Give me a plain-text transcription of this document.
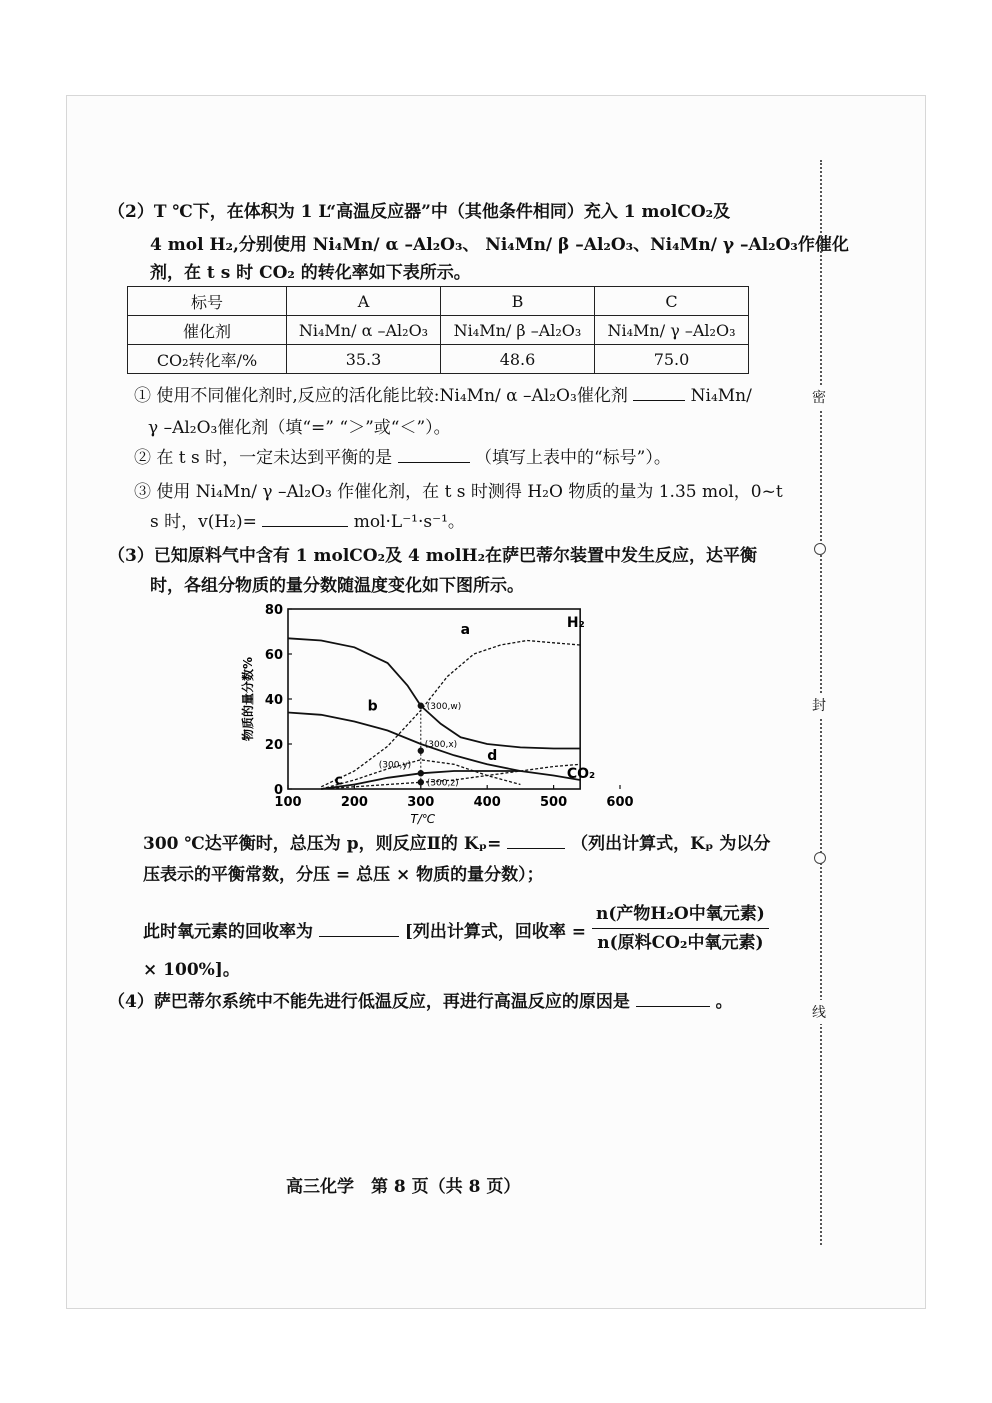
（2）T ℃下，在体积为 1 L“高温反应器”中（其他条件相同）充入 1 molCO₂及
4 mol H₂,分别使用 Ni₄Mn/ α –Al₂O₃、 Ni₄Mn/ β –Al₂O₃、Ni₄Mn/ γ –Al₂O₃作催化
剂，在 t s 时 CO₂ 的转化率如下表所示。
标号	A	B	C
催化剂	Ni₄Mn/ α –Al₂O₃	Ni₄Mn/ β –Al₂O₃	Ni₄Mn/ γ –Al₂O₃
CO₂转化率/%	35.3	48.6	75.0
① 使用不同催化剂时,反应的活化能比较:Ni₄Mn/ α –Al₂O₃催化剂	Ni₄Mn/
γ –Al₂O₃催化剂（填“=” “＞”或“＜”）。
② 在 t s 时，一定未达到平衡的是	（填写上表中的“标号”）。
③ 使用 Ni₄Mn/ γ –Al₂O₃ 作催化剂，在 t s 时测得 H₂O 物质的量为 1.35 mol，0~t
s 时，v(H₂)=	mol·L⁻¹·s⁻¹。
（3）已知原料气中含有 1 molCO₂及 4 molH₂在萨巴蒂尔装置中发生反应，达平衡
时，各组分物质的量分数随温度变化如下图所示。
100	200	300	400	500	600
0
20
40
60
80
T/℃
物质的量分数%
a
b
H₂
c
d
CO₂
(300,w)
(300,x)
(300,y)
(300,z)
300 ℃达平衡时，总压为 p，则反应Ⅱ的 Kₚ=	（列出计算式，Kₚ 为以分
压表示的平衡常数，分压 = 总压 × 物质的量分数）；
此时氧元素的回收率为	[列出计算式，回收率 = $\frac{\text{n(产物H₂O中氧元素)}}{\text{n(原料CO₂中氧元素)}}$
× 100%]。
（4）萨巴蒂尔系统中不能先进行低温反应，再进行高温反应的原因是	。
高三化学　第 8 页（共 8 页）
密
封
线
